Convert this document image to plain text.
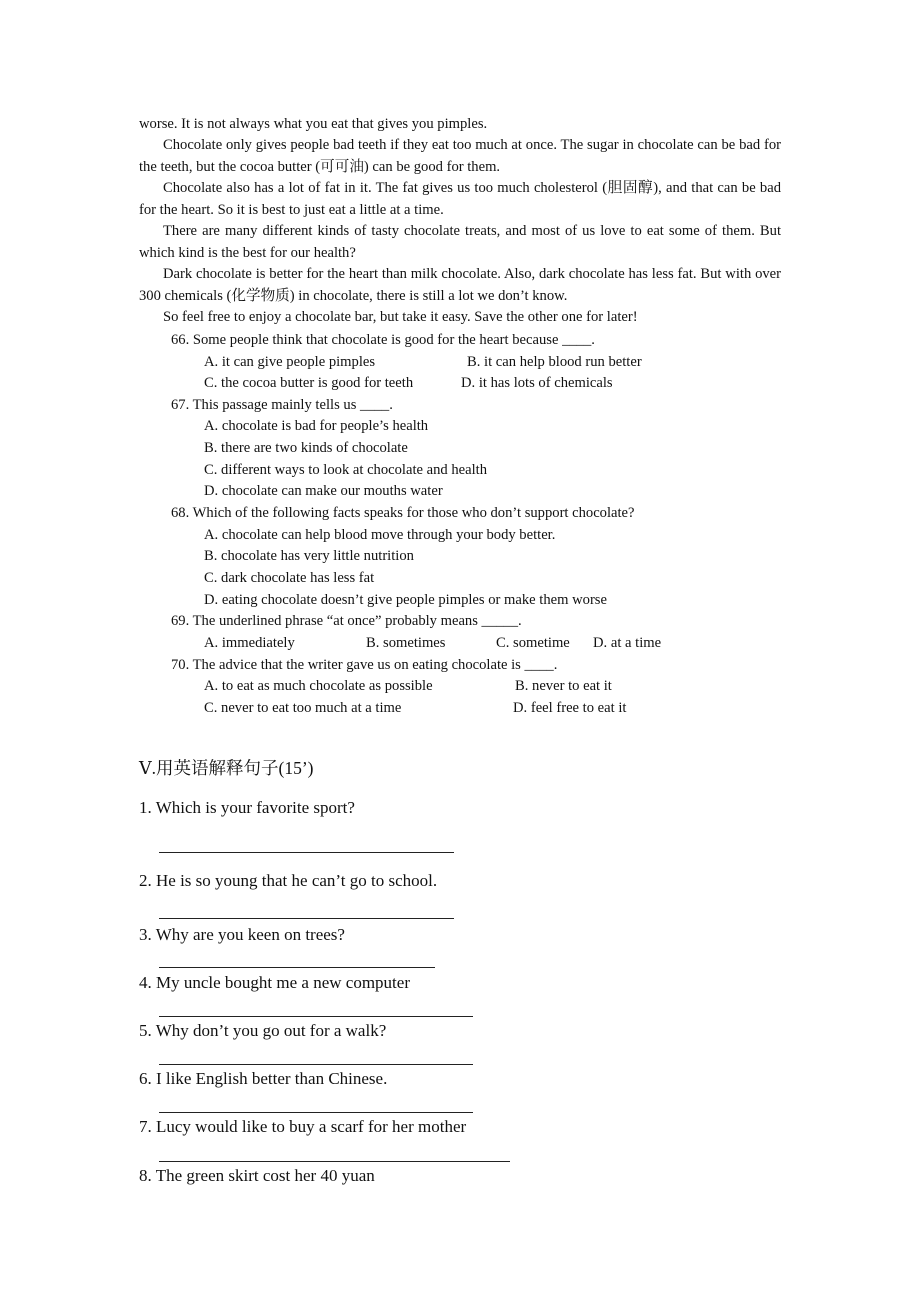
worse. It is not always what you eat that gives you pimples.
Chocolate only gives people bad teeth if they eat too much at once. The sugar in chocolate can be bad for the teeth, but the cocoa butter (可可油) can be good for them.
Chocolate also has a lot of fat in it. The fat gives us too much cholesterol (胆固醇), and that can be bad for the heart. So it is best to just eat a little at a time.
There are many different kinds of tasty chocolate treats, and most of us love to eat some of them. But which kind is the best for our health?
Dark chocolate is better for the heart than milk chocolate. Also, dark chocolate has less fat. But with over 300 chemicals (化学物质) in chocolate, there is still a lot we don’t know.
So feel free to enjoy a chocolate bar, but take it easy. Save the other one for later!
66. Some people think that chocolate is good for the heart because ____.
A. it can give people pimples	B. it can help blood run better
C. the cocoa butter is good for teeth	D. it has lots of chemicals
67. This passage mainly tells us ____.
A. chocolate is bad for people’s health
B. there are two kinds of chocolate
C. different ways to look at chocolate and health
D. chocolate can make our mouths water
68. Which of the following facts speaks for those who don’t support chocolate?
A. chocolate can help blood move through your body better.
B. chocolate has very little nutrition
C. dark chocolate has less fat
D. eating chocolate doesn’t give people pimples or make them worse
69. The underlined phrase “at once” probably means _____.
A. immediately	B. sometimes	C. sometime D. at a time
70. The advice that the writer gave us on eating chocolate is ____.
A. to eat as much chocolate as possible	B. never to eat it
C. never to eat too much at a time	D. feel free to eat it
Ⅴ.用英语解释句子(15’)
1. Which is your favorite sport?
2. He is so young that he can’t go to school.
3. Why are you keen on trees?
4. My uncle bought me a new computer
5. Why don’t you go out for a walk?
6. I like English better than Chinese.
7. Lucy would like to buy a scarf for her mother
8. The green skirt cost her 40 yuan
